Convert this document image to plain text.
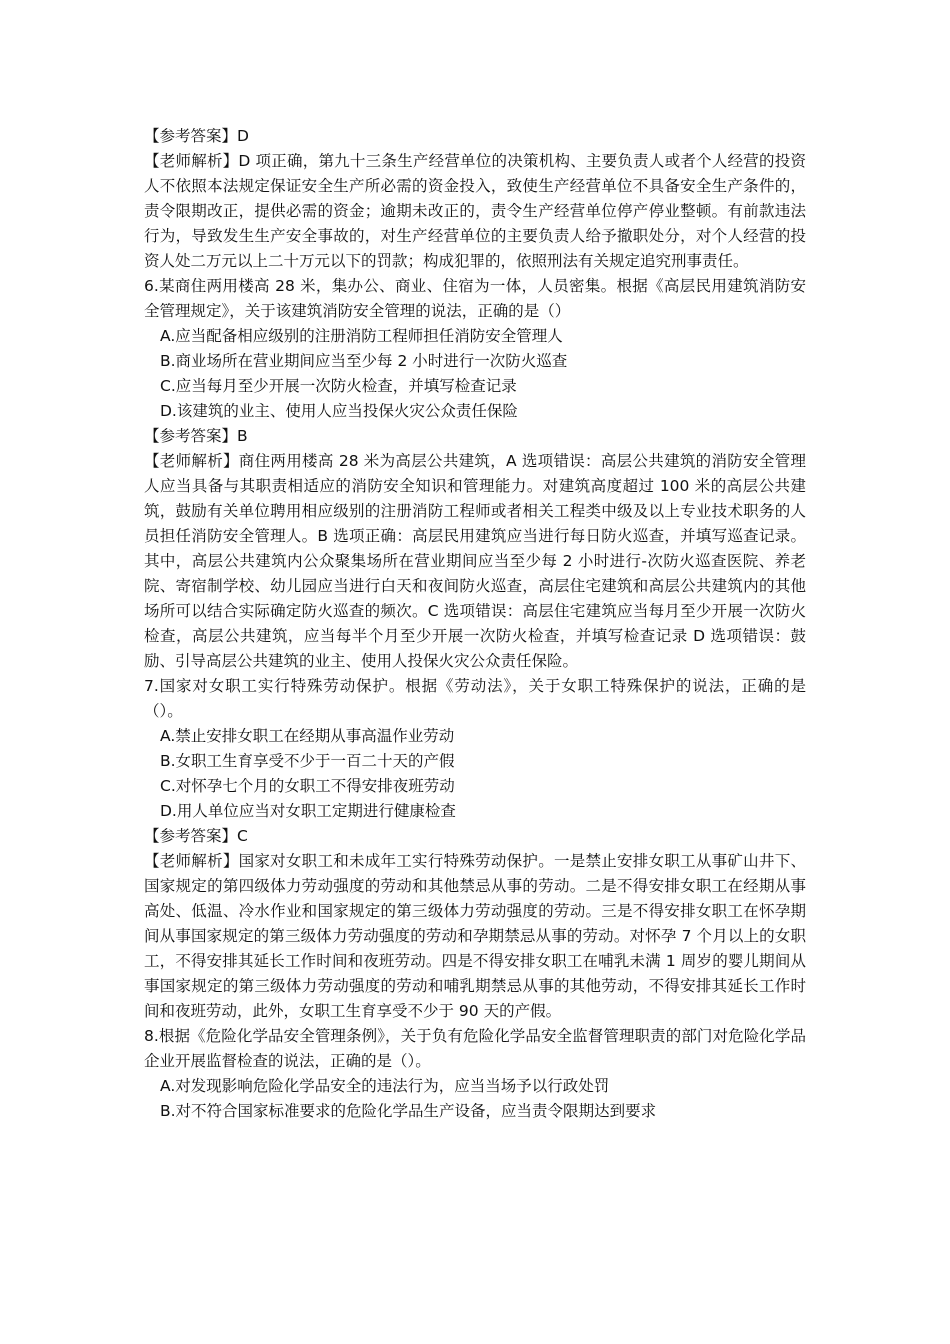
【参考答案】D
【老师解析】D 项正确，第九十三条生产经营单位的决策机构、主要负责人或者个人经营的投资人不依照本法规定保证安全生产所必需的资金投入，致使生产经营单位不具备安全生产条件的，责令限期改正，提供必需的资金；逾期未改正的，责令生产经营单位停产停业整顿。有前款违法行为，导致发生生产安全事故的，对生产经营单位的主要负责人给予撤职处分，对个人经营的投资人处二万元以上二十万元以下的罚款；构成犯罪的，依照刑法有关规定追究刑事责任。
6.某商住两用楼高 28 米，集办公、商业、住宿为一体，人员密集。根据《高层民用建筑消防安全管理规定》，关于该建筑消防安全管理的说法，正确的是（）
A.应当配备相应级别的注册消防工程师担任消防安全管理人
B.商业场所在营业期间应当至少每 2 小时进行一次防火巡查
C.应当每月至少开展一次防火检查，并填写检查记录
D.该建筑的业主、使用人应当投保火灾公众责任保险
【参考答案】B
【老师解析】商住两用楼高 28 米为高层公共建筑，A 选项错误：高层公共建筑的消防安全管理人应当具备与其职责相适应的消防安全知识和管理能力。对建筑高度超过 100 米的高层公共建筑，鼓励有关单位聘用相应级别的注册消防工程师或者相关工程类中级及以上专业技术职务的人员担任消防安全管理人。B 选项正确：高层民用建筑应当进行每日防火巡查，并填写巡查记录。其中，高层公共建筑内公众聚集场所在营业期间应当至少每 2 小时进行-次防火巡查医院、养老院、寄宿制学校、幼儿园应当进行白天和夜间防火巡查，高层住宅建筑和高层公共建筑内的其他场所可以结合实际确定防火巡查的频次。C 选项错误：高层住宅建筑应当每月至少开展一次防火检查，高层公共建筑，应当每半个月至少开展一次防火检查，并填写检查记录 D 选项错误：鼓励、引导高层公共建筑的业主、使用人投保火灾公众责任保险。
7.国家对女职工实行特殊劳动保护。根据《劳动法》，关于女职工特殊保护的说法，正确的是（）。
A.禁止安排女职工在经期从事高温作业劳动
B.女职工生育享受不少于一百二十天的产假
C.对怀孕七个月的女职工不得安排夜班劳动
D.用人单位应当对女职工定期进行健康检查
【参考答案】C
【老师解析】国家对女职工和未成年工实行特殊劳动保护。一是禁止安排女职工从事矿山井下、国家规定的第四级体力劳动强度的劳动和其他禁忌从事的劳动。二是不得安排女职工在经期从事高处、低温、冷水作业和国家规定的第三级体力劳动强度的劳动。三是不得安排女职工在怀孕期间从事国家规定的第三级体力劳动强度的劳动和孕期禁忌从事的劳动。对怀孕 7 个月以上的女职工，不得安排其延长工作时间和夜班劳动。四是不得安排女职工在哺乳未满 1 周岁的婴儿期间从事国家规定的第三级体力劳动强度的劳动和哺乳期禁忌从事的其他劳动，不得安排其延长工作时间和夜班劳动，此外，女职工生育享受不少于 90 天的产假。
8.根据《危险化学品安全管理条例》，关于负有危险化学品安全监督管理职责的部门对危险化学品企业开展监督检查的说法，正确的是（）。
A.对发现影响危险化学品安全的违法行为，应当当场予以行政处罚
B.对不符合国家标准要求的危险化学品生产设备，应当责令限期达到要求
